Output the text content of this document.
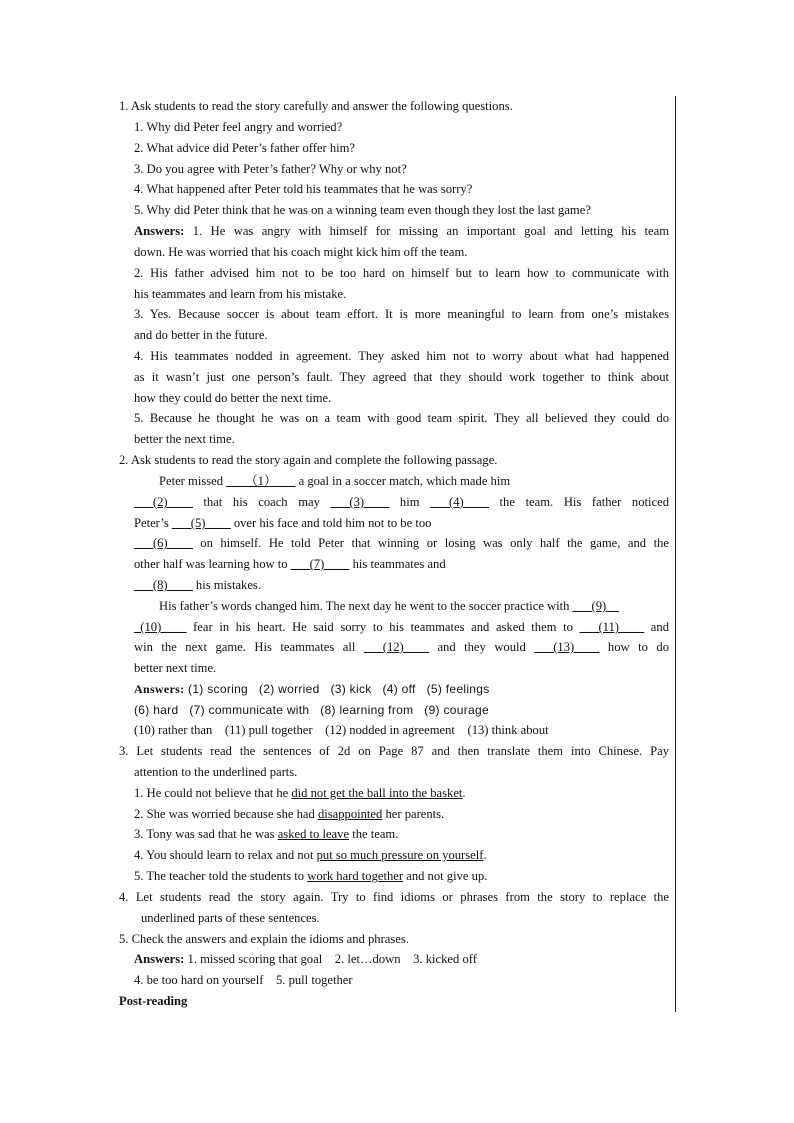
1. Ask students to read the story carefully and answer the following questions.
1. Why did Peter feel angry and worried?
2. What advice did Peter’s father offer him?
3. Do you agree with Peter’s father? Why or why not?
4. What happened after Peter told his teammates that he was sorry?
5. Why did Peter think that he was on a winning team even though they lost the last game?
Answers: 1. He was angry with himself for missing an important goal and letting his team
down. He was worried that his coach might kick him off the team.
2. His father advised him not to be too hard on himself but to learn how to communicate with
his teammates and learn from his mistake.
3. Yes. Because soccer is about team effort. It is more meaningful to learn from one’s mistakes
and do better in the future.
4. His teammates nodded in agreement. They asked him not to worry about what had happened
as it wasn’t just one person’s fault. They agreed that they should work together to think about
how they could do better the next time.
5. Because he thought he was on a team with good team spirit. They all believed they could do
better the next time.
2. Ask students to read the story again and complete the following passage.
Peter missed ___（1）___ a goal in a soccer match, which made him
___(2)____ that his coach may ___(3)____ him ___(4)____ the team. His father noticed
Peter’s ___(5)____ over his face and told him not to be too
___(6)____ on himself. He told Peter that winning or losing was only half the game, and the
other half was learning how to ___(7)____ his teammates and
___(8)____ his mistakes.
His father’s words changed him. The next day he went to the soccer practice with ___(9)__
_(10)____ fear in his heart. He said sorry to his teammates and asked them to ___(11)____ and
win the next game. His teammates all ___(12)____ and they would ___(13)____ how to do
better next time.
Answers: (1) scoring   (2) worried   (3) kick   (4) off   (5) feelings
(6) hard   (7) communicate with   (8) learning from   (9) courage
(10) rather than    (11) pull together    (12) nodded in agreement    (13) think about
3. Let students read the sentences of 2d on Page 87 and then translate them into Chinese. Pay
attention to the underlined parts.
1. He could not believe that he did not get the ball into the basket.
2. She was worried because she had disappointed her parents.
3. Tony was sad that he was asked to leave the team.
4. You should learn to relax and not put so much pressure on yourself.
5. The teacher told the students to work hard together and not give up.
4. Let students read the story again. Try to find idioms or phrases from the story to replace the
underlined parts of these sentences.
5. Check the answers and explain the idioms and phrases.
Answers: 1. missed scoring that goal    2. let…down    3. kicked off
4. be too hard on yourself    5. pull together
Post-reading
